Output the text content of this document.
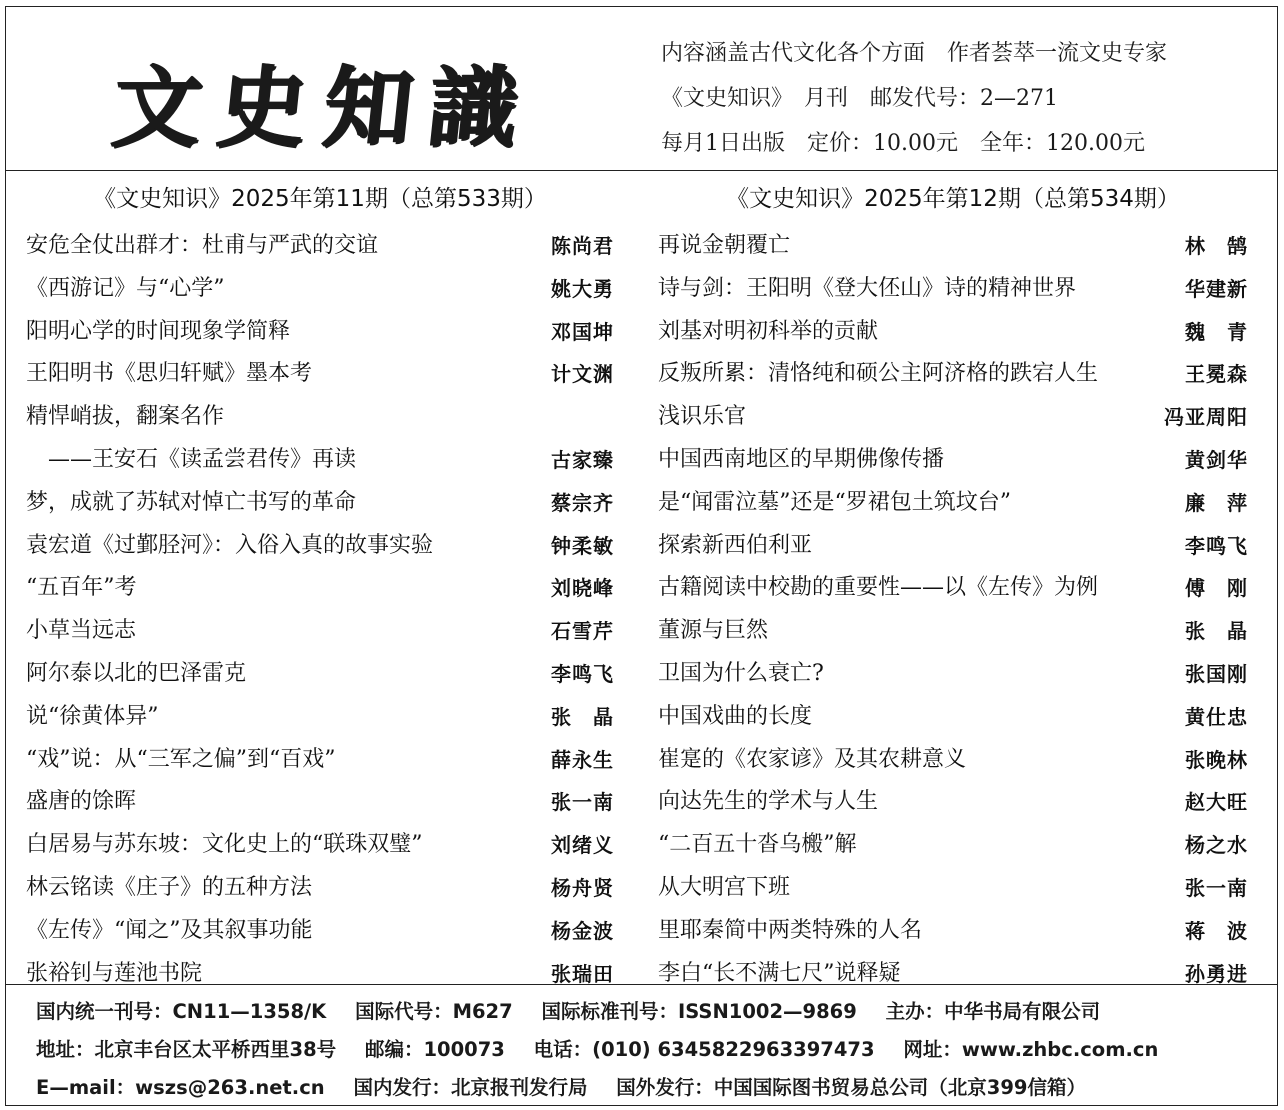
文 史 知 識
内容涵盖古代文化各个方面　作者荟萃一流文史专家
《文史知识》　月刊　邮发代号：2—271
每月1日出版　定价：10.00元　全年：120.00元
《文史知识》2025年第11期（总第533期）
安危全仗出群才：杜甫与严武的交谊	陈尚君
《西游记》与“心学”	姚大勇
阳明心学的时间现象学简释	邓国坤
王阳明书《思归轩赋》墨本考	计文渊
精悍峭拔，翻案名作
　——王安石《读孟尝君传》再读	古家臻
梦，成就了苏轼对悼亡书写的革命	蔡宗齐
袁宏道《过鄞胫河》：入俗入真的故事实验	钟柔敏
“五百年”考	刘晓峰
小草当远志	石雪芹
阿尔泰以北的巴泽雷克	李鸣飞
说“徐黄体异”	张　晶
“戏”说：从“三军之偏”到“百戏”	薛永生
盛唐的馀晖	张一南
白居易与苏东坡：文化史上的“联珠双璧”	刘绪义
林云铭读《庄子》的五种方法	杨舟贤
《左传》“闻之”及其叙事功能	杨金波
张裕钊与莲池书院	张瑞田
《文史知识》2025年第12期（总第534期）
再说金朝覆亡	林　鹄
诗与剑：王阳明《登大伾山》诗的精神世界	华建新
刘基对明初科举的贡献	魏　青
反叛所累：清恪纯和硕公主阿济格的跌宕人生	王冕森
浅识乐官	冯亚周阳
中国西南地区的早期佛像传播	黄剑华
是“闻雷泣墓”还是“罗裙包土筑坟台”	廉　萍
探索新西伯利亚	李鸣飞
古籍阅读中校勘的重要性——以《左传》为例	傅　刚
董源与巨然	张　晶
卫国为什么衰亡?	张国刚
中国戏曲的长度	黄仕忠
崔寔的《农家谚》及其农耕意义	张晚林
向达先生的学术与人生	赵大旺
“二百五十沓乌㮽”解	杨之水
从大明宫下班	张一南
里耶秦简中两类特殊的人名	蒋　波
李白“长不满七尺”说释疑	孙勇进
国内统一刊号：CN11—1358/K 国际代号：M627 国际标准刊号：ISSN1002—9869 主办：中华书局有限公司
地址：北京丰台区太平桥西里38号 邮编：100073 电话：(010) 6345822963397473 网址：www.zhbc.com.cn
E—mail：wszs@263.net.cn 国内发行：北京报刊发行局 国外发行：中国国际图书贸易总公司（北京399信箱）
